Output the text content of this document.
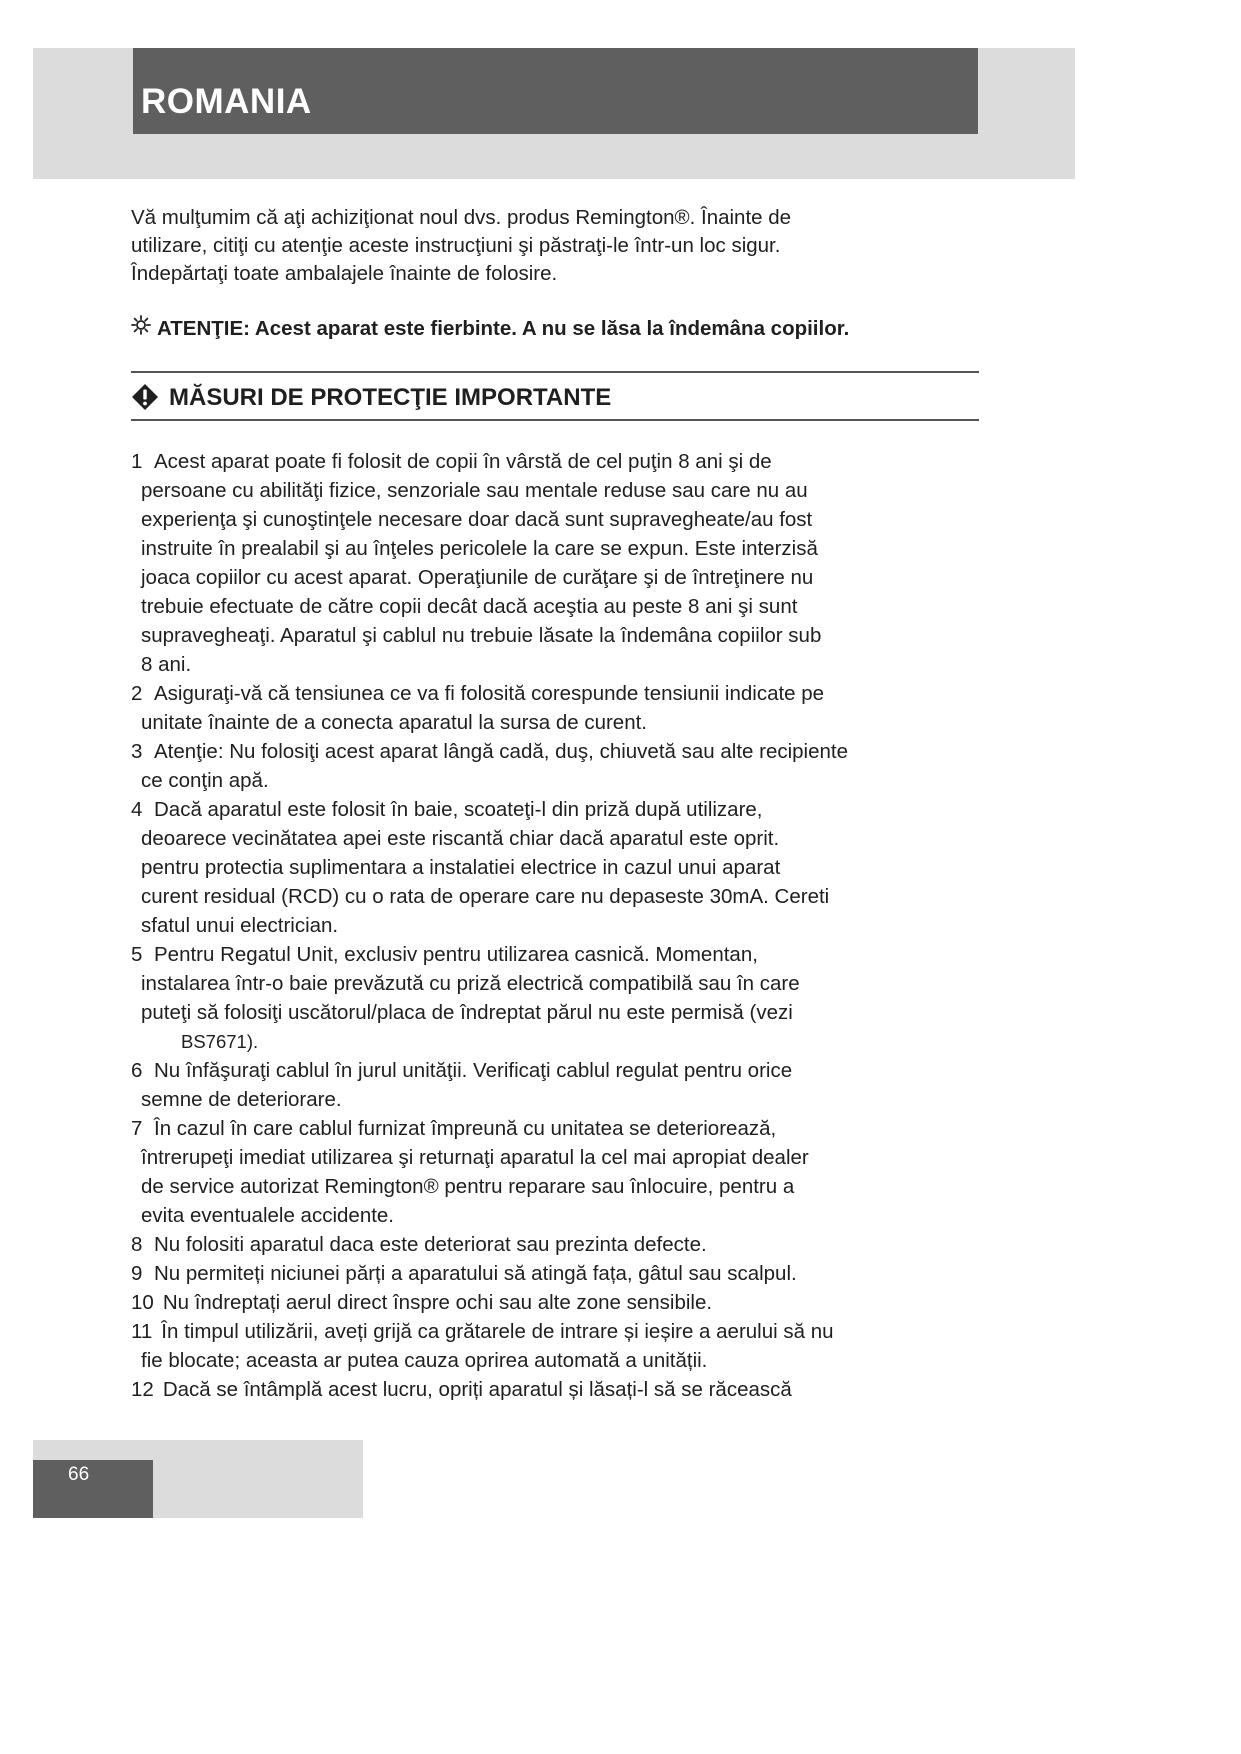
ROMANIA

Vă mulţumim că aţi achiziţionat noul dvs. produs Remington®. Înainte de
utilizare, citiţi cu atenţie aceste instrucţiuni şi păstraţi-le într-un loc sigur.
Îndepărtaţi toate ambalajele înainte de folosire.

ATENŢIE: Acest aparat este fierbinte. A nu se lăsa la îndemâna copiilor.

MĂSURI DE PROTECŢIE IMPORTANTE
1 Acest aparat poate fi folosit de copii în vârstă de cel puţin 8 ani şi de
persoane cu abilităţi fizice, senzoriale sau mentale reduse sau care nu au
experienţa şi cunoştinţele necesare doar dacă sunt supravegheate/au fost
instruite în prealabil şi au înţeles pericolele la care se expun. Este interzisă
joaca copiilor cu acest aparat. Operaţiunile de curăţare şi de întreţinere nu
trebuie efectuate de către copii decât dacă aceştia au peste 8 ani şi sunt
supravegheaţi. Aparatul şi cablul nu trebuie lăsate la îndemâna copiilor sub
8 ani.
2 Asiguraţi-vă că tensiunea ce va fi folosită corespunde tensiunii indicate pe
unitate înainte de a conecta aparatul la sursa de curent.
3 Atenţie: Nu folosiţi acest aparat lângă cadă, duş, chiuvetă sau alte recipiente
ce conţin apă.
4 Dacă aparatul este folosit în baie, scoateţi-l din priză după utilizare,
deoarece vecinătatea apei este riscantă chiar dacă aparatul este oprit.
pentru protectia suplimentara a instalatiei electrice in cazul unui aparat
curent residual (RCD) cu o rata de operare care nu depaseste 30mA. Cereti
sfatul unui electrician.
5 Pentru Regatul Unit, exclusiv pentru utilizarea casnică. Momentan,
instalarea într-o baie prevăzută cu priză electrică compatibilă sau în care
puteţi să folosiţi uscătorul/placa de îndreptat părul nu este permisă (vezi
BS7671).
6 Nu înfăşuraţi cablul în jurul unităţii. Verificaţi cablul regulat pentru orice
semne de deteriorare.
7 În cazul în care cablul furnizat împreună cu unitatea se deteriorează,
întrerupeţi imediat utilizarea şi returnaţi aparatul la cel mai apropiat dealer
de service autorizat Remington® pentru reparare sau înlocuire, pentru a
evita eventualele accidente.
8 Nu folositi aparatul daca este deteriorat sau prezinta defecte.
9 Nu permiteți niciunei părți a aparatului să atingă fața, gâtul sau scalpul.
10 Nu îndreptați aerul direct înspre ochi sau alte zone sensibile.
11 În timpul utilizării, aveți grijă ca grătarele de intrare și ieșire a aerului să nu
fie blocate; aceasta ar putea cauza oprirea automată a unității.
12 Dacă se întâmplă acest lucru, opriți aparatul și lăsați-l să se răcească
66
